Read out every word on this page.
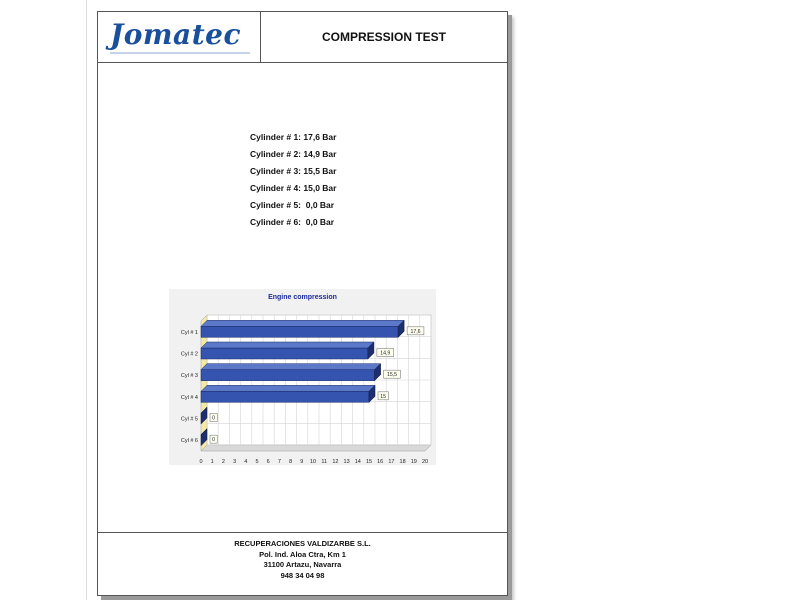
Jomatec	COMPRESSION TEST
Cylinder # 1: 17,6 Bar
Cylinder # 2: 14,9 Bar
Cylinder # 3: 15,5 Bar
Cylinder # 4: 15,0 Bar
Cylinder # 5:  0,0 Bar
Cylinder # 6:  0,0 Bar
Engine compression
0 1 2 3 4 5 6 7 8 9 10 11 12 13 14 15 16 17 18 19 20
Cyl # 1	17,6
Cyl # 2	14,9
Cyl # 3	15,5
Cyl # 4	15
Cyl # 5	0
Cyl # 6	0
RECUPERACIONES VALDIZARBE S.L.
Pol. Ind. Aloa Ctra, Km 1
31100 Artazu, Navarra
948 34 04 98
